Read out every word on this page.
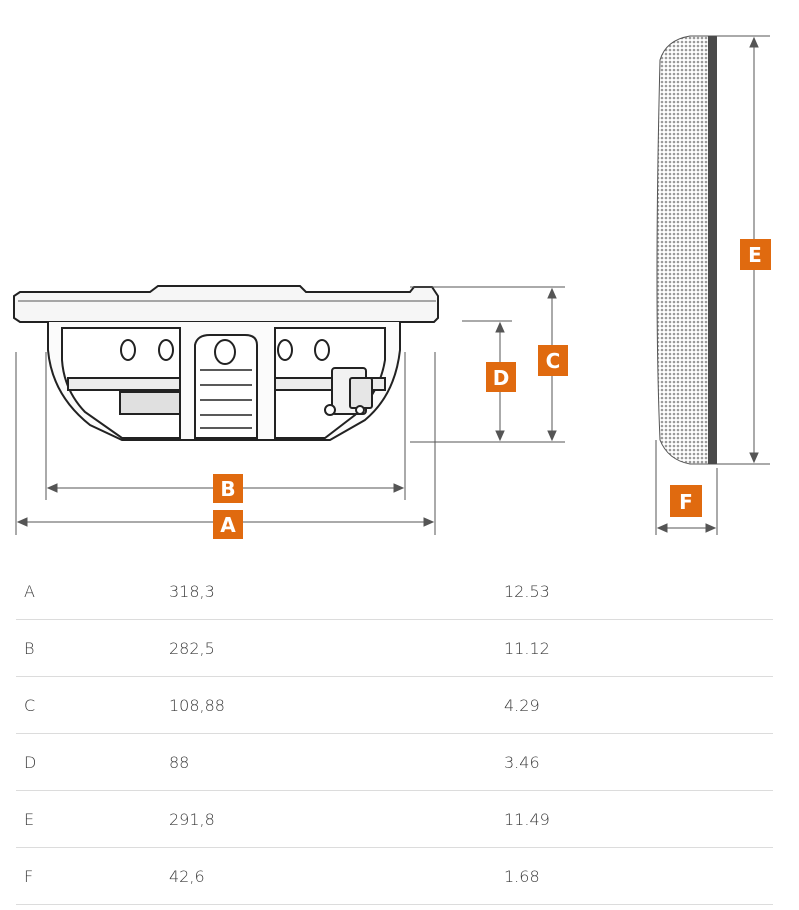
A
B
C
D
E
F
A	318,3	12.53
B	282,5	11.12
C	108,88	4.29
D	88	3.46
E	291,8	11.49
F	42,6	1.68
